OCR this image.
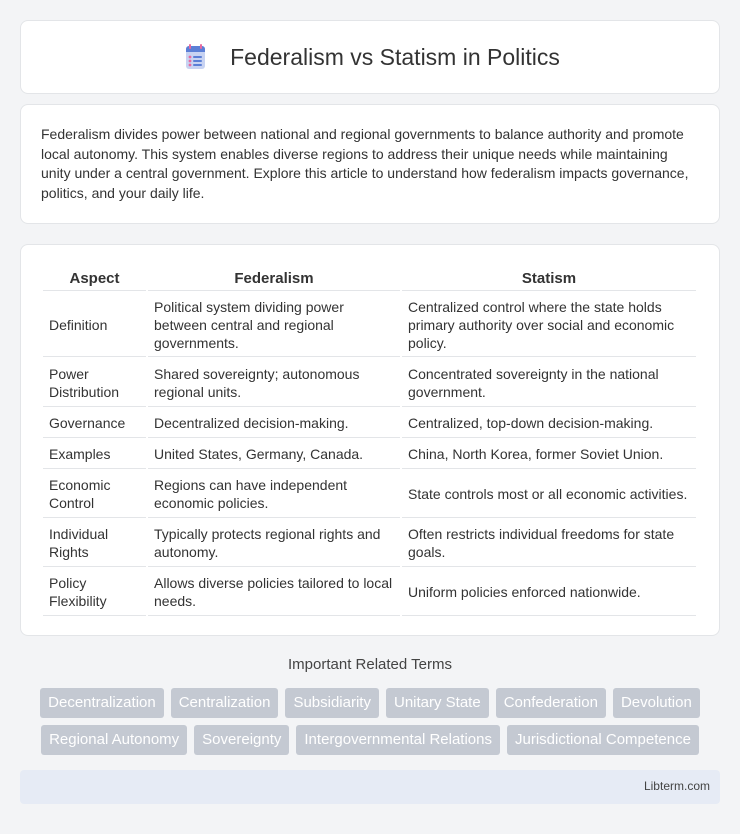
Federalism vs Statism in Politics

Federalism divides power between national and regional governments to balance authority and promote local autonomy. This system enables diverse regions to address their unique needs while maintaining unity under a central government. Explore this article to understand how federalism impacts governance, politics, and your daily life.

Aspect	Federalism	Statism
Definition	Political system dividing power between central and regional governments.	Centralized control where the state holds primary authority over social and economic policy.
Power Distribution	Shared sovereignty; autonomous regional units.	Concentrated sovereignty in the national government.
Governance	Decentralized decision-making.	Centralized, top-down decision-making.
Examples	United States, Germany, Canada.	China, North Korea, former Soviet Union.
Economic Control	Regions can have independent economic policies.	State controls most or all economic activities.
Individual Rights	Typically protects regional rights and autonomy.	Often restricts individual freedoms for state goals.
Policy Flexibility	Allows diverse policies tailored to local needs.	Uniform policies enforced nationwide.
Important Related Terms
Decentralization	Centralization	Subsidiarity	Unitary State	Confederation	Devolution
Regional Autonomy	Sovereignty	Intergovernmental Relations	Jurisdictional Competence
Libterm.com
